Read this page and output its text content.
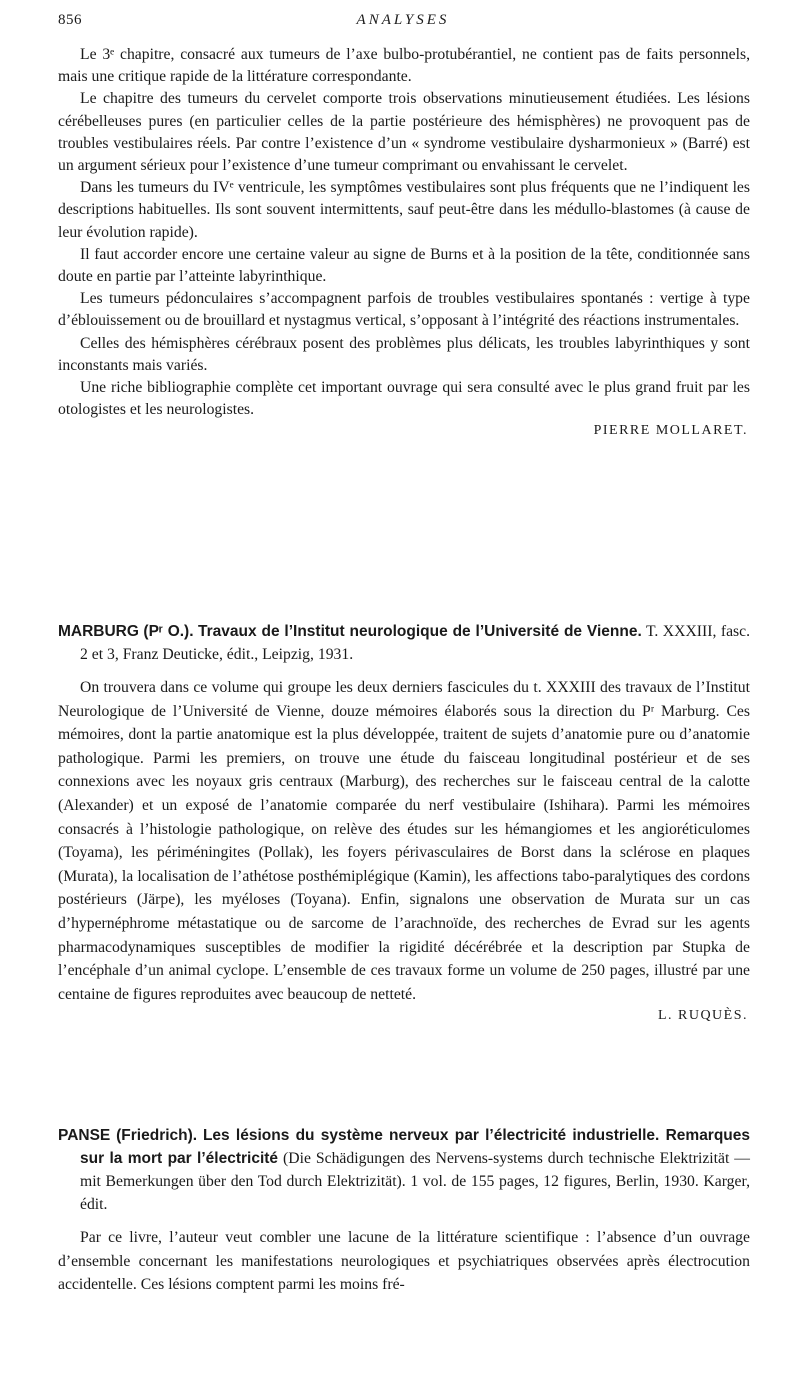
856	ANALYSES

Le 3ᵉ chapitre, consacré aux tumeurs de l’axe bulbo-protubérantiel, ne contient pas de faits personnels, mais une critique rapide de la littérature correspondante.

Le chapitre des tumeurs du cervelet comporte trois observations minutieusement étudiées. Les lésions cérébelleuses pures (en particulier celles de la partie postérieure des hémisphères) ne provoquent pas de troubles vestibulaires réels. Par contre l’existence d’un « syndrome vestibulaire dysharmonieux » (Barré) est un argument sérieux pour l’existence d’une tumeur comprimant ou envahissant le cervelet.

Dans les tumeurs du IVᵉ ventricule, les symptômes vestibulaires sont plus fréquents que ne l’indiquent les descriptions habituelles. Ils sont souvent intermittents, sauf peut-être dans les médullo-blastomes (à cause de leur évolution rapide).

Il faut accorder encore une certaine valeur au signe de Burns et à la position de la tête, conditionnée sans doute en partie par l’atteinte labyrinthique.

Les tumeurs pédonculaires s’accompagnent parfois de troubles vestibulaires spontanés : vertige à type d’éblouissement ou de brouillard et nystagmus vertical, s’opposant à l’intégrité des réactions instrumentales.

Celles des hémisphères cérébraux posent des problèmes plus délicats, les troubles labyrinthiques y sont inconstants mais variés.

Une riche bibliographie complète cet important ouvrage qui sera consulté avec le plus grand fruit par les otologistes et les neurologistes.

PIERRE MOLLARET.
MARBURG (Pʳ O.). Travaux de l’Institut neurologique de l’Université de Vienne. T. XXXIII, fasc. 2 et 3, Franz Deuticke, édit., Leipzig, 1931.

On trouvera dans ce volume qui groupe les deux derniers fascicules du t. XXXIII des travaux de l’Institut Neurologique de l’Université de Vienne, douze mémoires élaborés sous la direction du Pʳ Marburg. Ces mémoires, dont la partie anatomique est la plus développée, traitent de sujets d’anatomie pure ou d’anatomie pathologique. Parmi les premiers, on trouve une étude du faisceau longitudinal postérieur et de ses connexions avec les noyaux gris centraux (Marburg), des recherches sur le faisceau central de la calotte (Alexander) et un exposé de l’anatomie comparée du nerf vestibulaire (Ishihara). Parmi les mémoires consacrés à l’histologie pathologique, on relève des études sur les hémangiomes et les angioréticulomes (Toyama), les périméningites (Pollak), les foyers périvasculaires de Borst dans la sclérose en plaques (Murata), la localisation de l’athétose posthémiplégique (Kamin), les affections tabo-paralytiques des cordons postérieurs (Järpe), les myéloses (Toyana). Enfin, signalons une observation de Murata sur un cas d’hypernéphrome métastatique ou de sarcome de l’arachnoïde, des recherches de Evrad sur les agents pharmacodynamiques susceptibles de modifier la rigidité décérébrée et la description par Stupka de l’encéphale d’un animal cyclope. L’ensemble de ces travaux forme un volume de 250 pages, illustré par une centaine de figures reproduites avec beaucoup de netteté.

L. RUQUÈS.
PANSE (Friedrich). Les lésions du système nerveux par l’électricité industrielle. Remarques sur la mort par l’électricité (Die Schädigungen des Nervens-systems durch technische Elektrizität — mit Bemerkungen über den Tod durch Elektrizität). 1 vol. de 155 pages, 12 figures, Berlin, 1930. Karger, édit.

Par ce livre, l’auteur veut combler une lacune de la littérature scientifique : l’absence d’un ouvrage d’ensemble concernant les manifestations neurologiques et psychiatriques observées après électrocution accidentelle. Ces lésions comptent parmi les moins fré-
